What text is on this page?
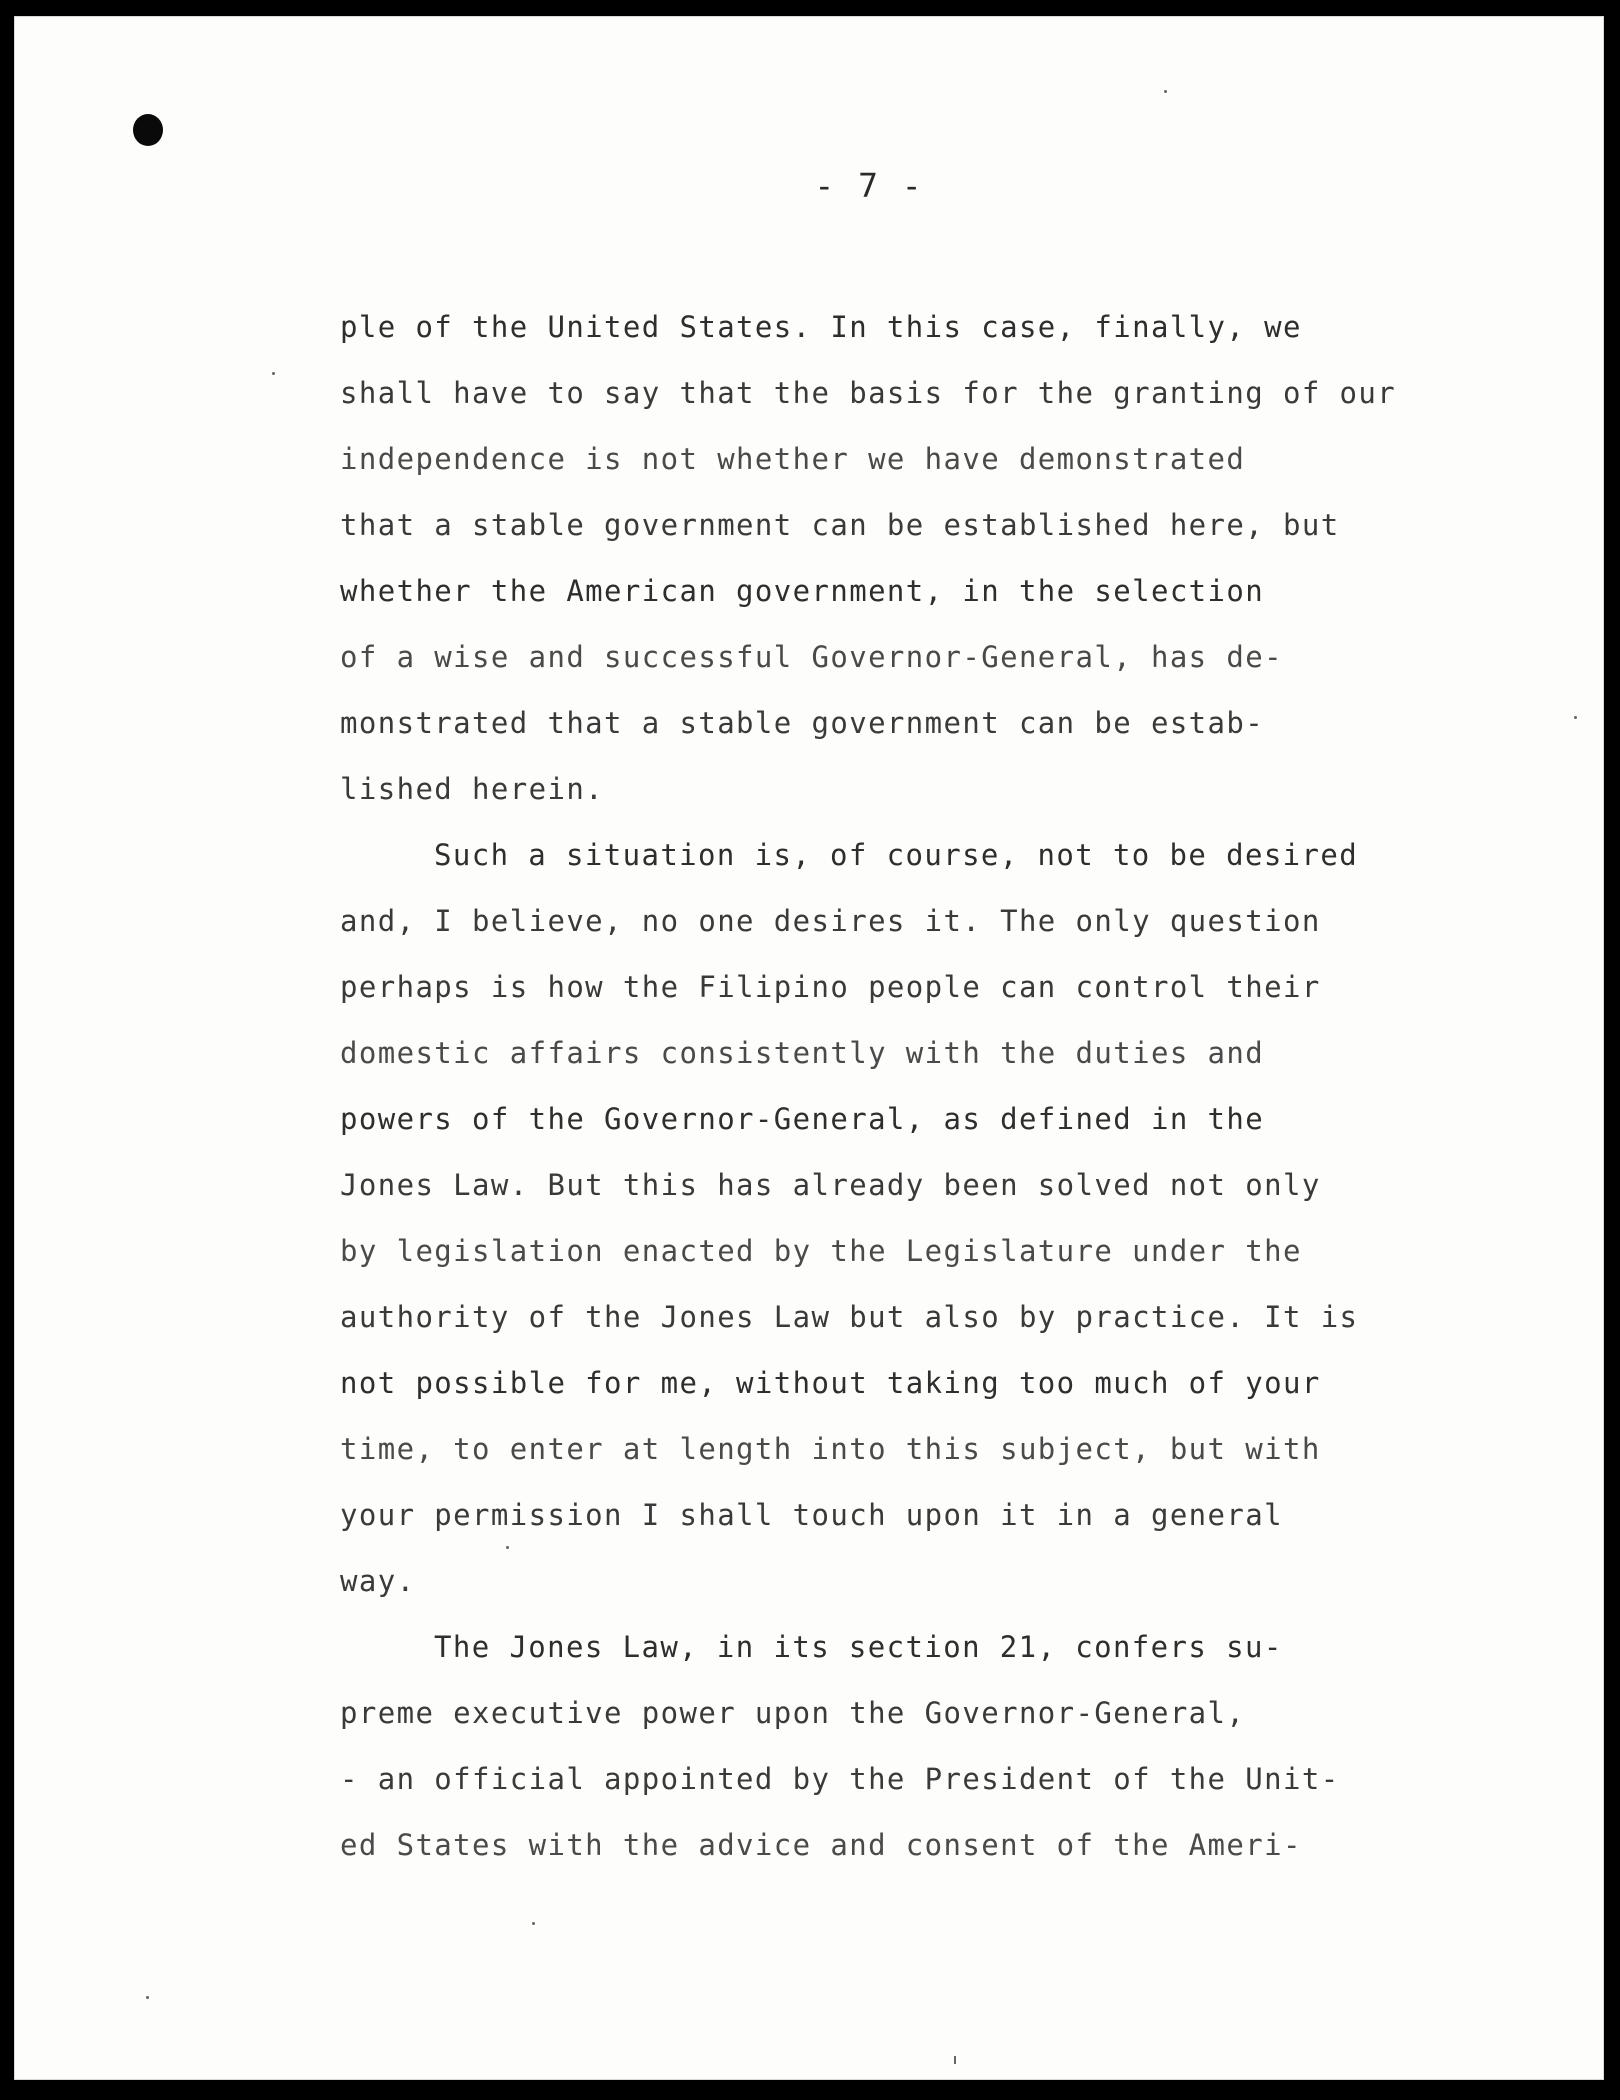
- 7 -
ple of the United States. In this case, finally, we
shall have to say that the basis for the granting of our
independence is not whether we have demonstrated
that a stable government can be established here, but
whether the American government, in the selection
of a wise and successful Governor-General, has de-
monstrated that a stable government can be estab-
lished herein.
Such a situation is, of course, not to be desired
and, I believe, no one desires it. The only question
perhaps is how the Filipino people can control their
domestic affairs consistently with the duties and
powers of the Governor-General, as defined in the
Jones Law. But this has already been solved not only
by legislation enacted by the Legislature under the
authority of the Jones Law but also by practice. It is
not possible for me, without taking too much of your
time, to enter at length into this subject, but with
your permission I shall touch upon it in a general
way.
The Jones Law, in its section 21, confers su-
preme executive power upon the Governor-General,
- an official appointed by the President of the Unit-
ed States with the advice and consent of the Ameri-
